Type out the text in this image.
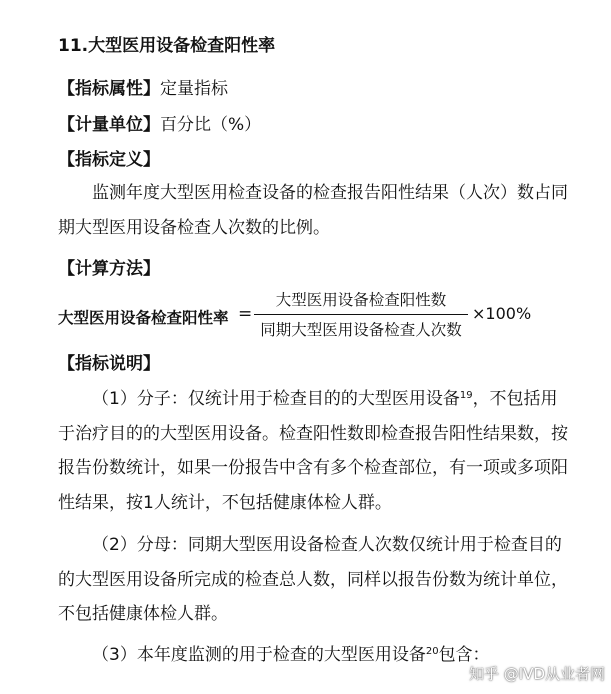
11.大型医用设备检查阳性率
【指标属性】定量指标
【计量单位】百分比（%）
【指标定义】
监测年度大型医用检查设备的检查报告阳性结果（人次）数占同期大型医用设备检查人次数的比例。
【计算方法】
大型医用设备检查阳性率 =
大型医用设备检查阳性数
同期大型医用设备检查人次数
×100%
【指标说明】
（1）分子：仅统计用于检查目的的大型医用设备$^{19}$，不包括用于治疗目的的大型医用设备。检查阳性数即检查报告阳性结果数，按报告份数统计，如果一份报告中含有多个检查部位，有一项或多项阳性结果，按1人统计，不包括健康体检人群。
（2）分母：同期大型医用设备检查人次数仅统计用于检查目的的大型医用设备所完成的检查总人数，同样以报告份数为统计单位，不包括健康体检人群。
（3）本年度监测的用于检查的大型医用设备$^{20}$包含：
知乎 @IVD从业者网
